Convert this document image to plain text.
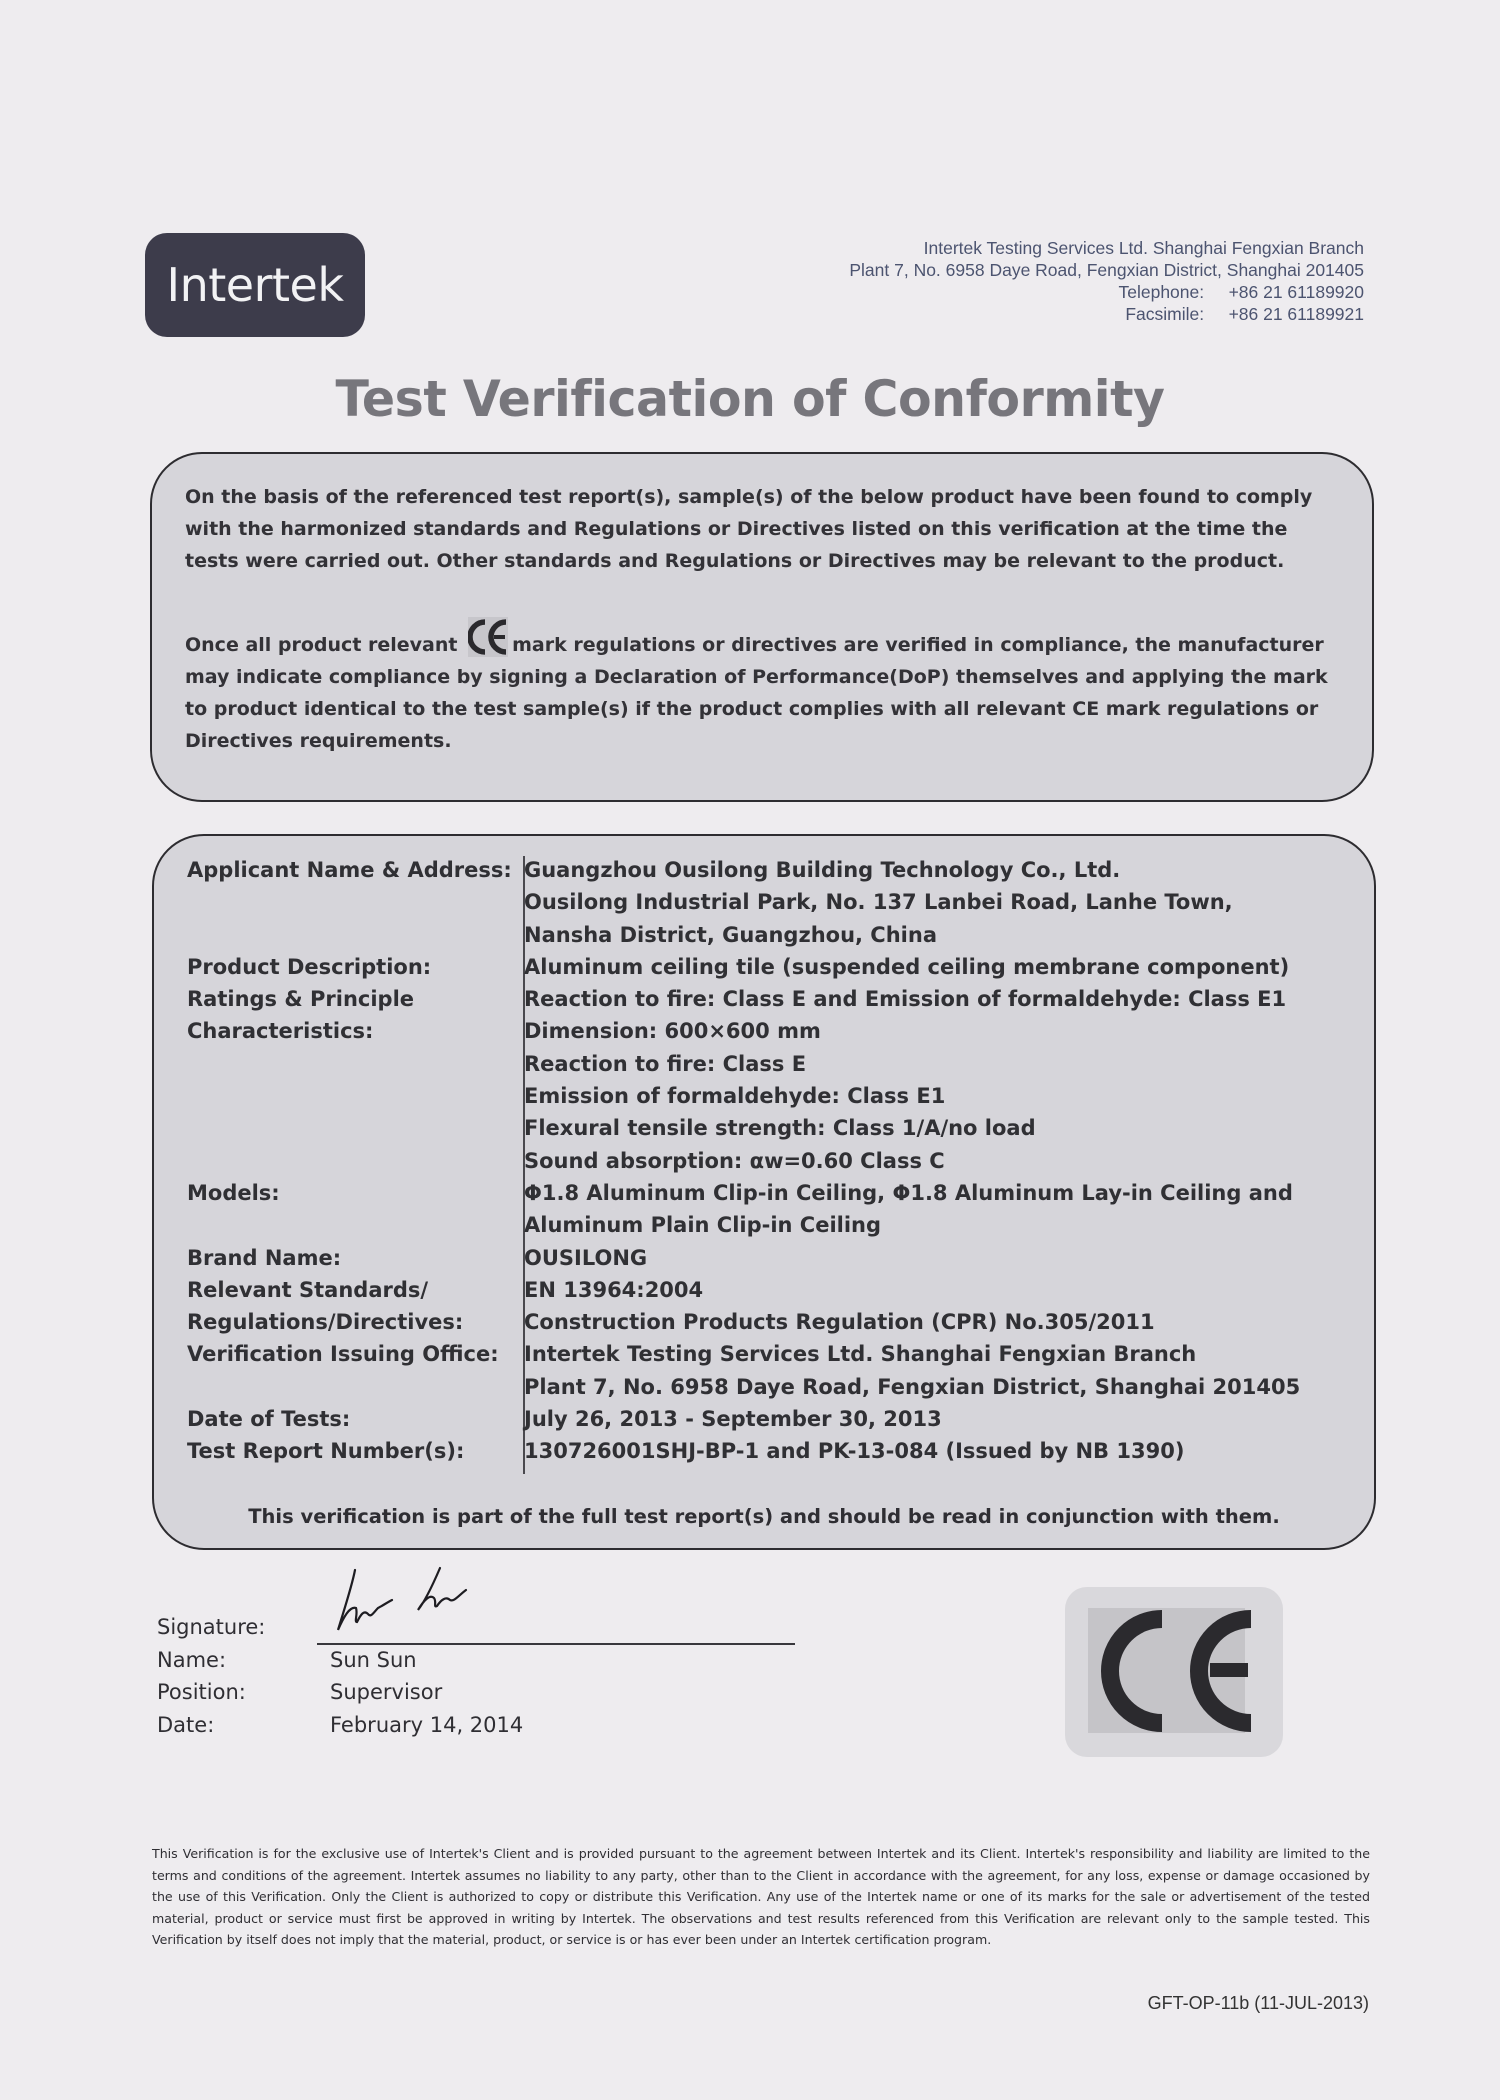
Intertek
Intertek Testing Services Ltd. Shanghai Fengxian Branch
Plant 7, No. 6958 Daye Road, Fengxian District, Shanghai 201405
Telephone: +86 21 61189920
Facsimile: +86 21 61189921
Test Verification of Conformity
On the basis of the referenced test report(s), sample(s) of the below product have been found to comply with the harmonized standards and Regulations or Directives listed on this verification at the time the tests were carried out. Other standards and Regulations or Directives may be relevant to the product.
Once all product relevant	mark regulations or directives are verified in compliance, the manufacturer may indicate compliance by signing a Declaration of Performance(DoP) themselves and applying the mark to product identical to the test sample(s) if the product complies with all relevant CE mark regulations or Directives requirements.
Applicant Name & Address: Guangzhou Ousilong Building Technology Co., Ltd.
Ousilong Industrial Park, No. 137 Lanbei Road, Lanhe Town,
Nansha District, Guangzhou, China
Product Description:	Aluminum ceiling tile (suspended ceiling membrane component)
Ratings & Principle	Reaction to fire: Class E and Emission of formaldehyde: Class E1
Characteristics:	Dimension: 600×600 mm
Reaction to fire: Class E
Emission of formaldehyde: Class E1
Flexural tensile strength: Class 1/A/no load
Sound absorption: αw=0.60 Class C
Models:	Φ1.8 Aluminum Clip-in Ceiling, Φ1.8 Aluminum Lay-in Ceiling and
Aluminum Plain Clip-in Ceiling
Brand Name:	OUSILONG
Relevant Standards/	EN 13964:2004
Regulations/Directives:	Construction Products Regulation (CPR) No.305/2011
Verification Issuing Office:	Intertek Testing Services Ltd. Shanghai Fengxian Branch
Plant 7, No. 6958 Daye Road, Fengxian District, Shanghai 201405
Date of Tests:	July 26, 2013 - September 30, 2013
Test Report Number(s):	130726001SHJ-BP-1 and PK-13-084 (Issued by NB 1390)
This verification is part of the full test report(s) and should be read in conjunction with them.
Signature:
Name:	Sun Sun
Position:	Supervisor
Date:	February 14, 2014
This Verification is for the exclusive use of Intertek's Client and is provided pursuant to the agreement between Intertek and its Client. Intertek's responsibility and liability are limited to the terms and conditions of the agreement. Intertek assumes no liability to any party, other than to the Client in accordance with the agreement, for any loss, expense or damage occasioned by the use of this Verification. Only the Client is authorized to copy or distribute this Verification. Any use of the Intertek name or one of its marks for the sale or advertisement of the tested material, product or service must first be approved in writing by Intertek. The observations and test results referenced from this Verification are relevant only to the sample tested. This Verification by itself does not imply that the material, product, or service is or has ever been under an Intertek certification program.
GFT-OP-11b (11-JUL-2013)
